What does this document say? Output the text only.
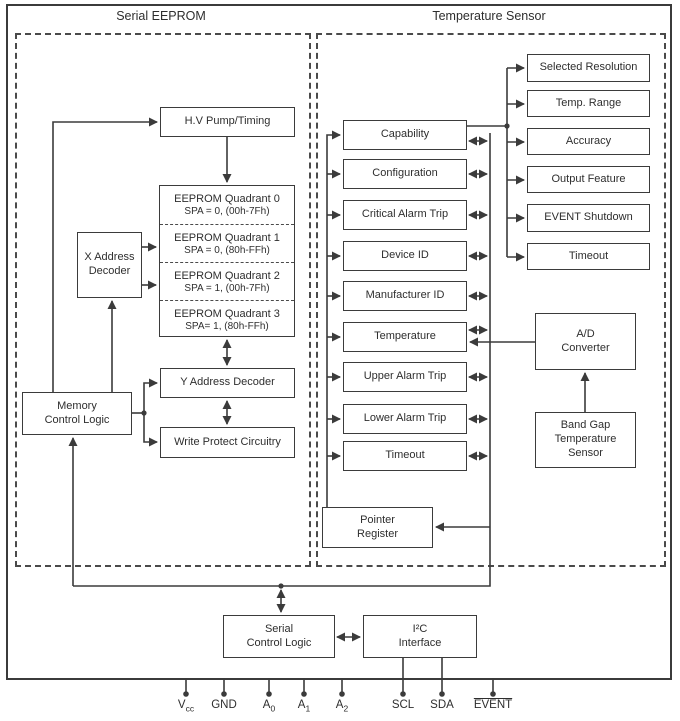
Serial EEPROM	Temperature Sensor
H.V Pump/Timing
X Address
Decoder
EEPROM Quadrant 0
SPA = 0, (00h-7Fh)
EEPROM Quadrant 1
SPA = 0, (80h-FFh)
EEPROM Quadrant 2
SPA = 1, (00h-7Fh)
EEPROM Quadrant 3
SPA= 1, (80h-FFh)
Y Address Decoder
Memory
Control Logic
Write Protect Circuitry
Capability
Configuration
Critical Alarm Trip
Device ID
Manufacturer ID
Temperature
Upper Alarm Trip
Lower Alarm Trip
Timeout
Selected Resolution
Temp. Range
Accuracy
Output Feature
EVENT Shutdown
Timeout
A/D
Converter
Band Gap
Temperature
Sensor
Pointer
Register
Serial
Control Logic
I²C
Interface
$V_{cc}$	GND	$A_0$	$A_1$	$A_2$	SCL	SDA	EVENT
